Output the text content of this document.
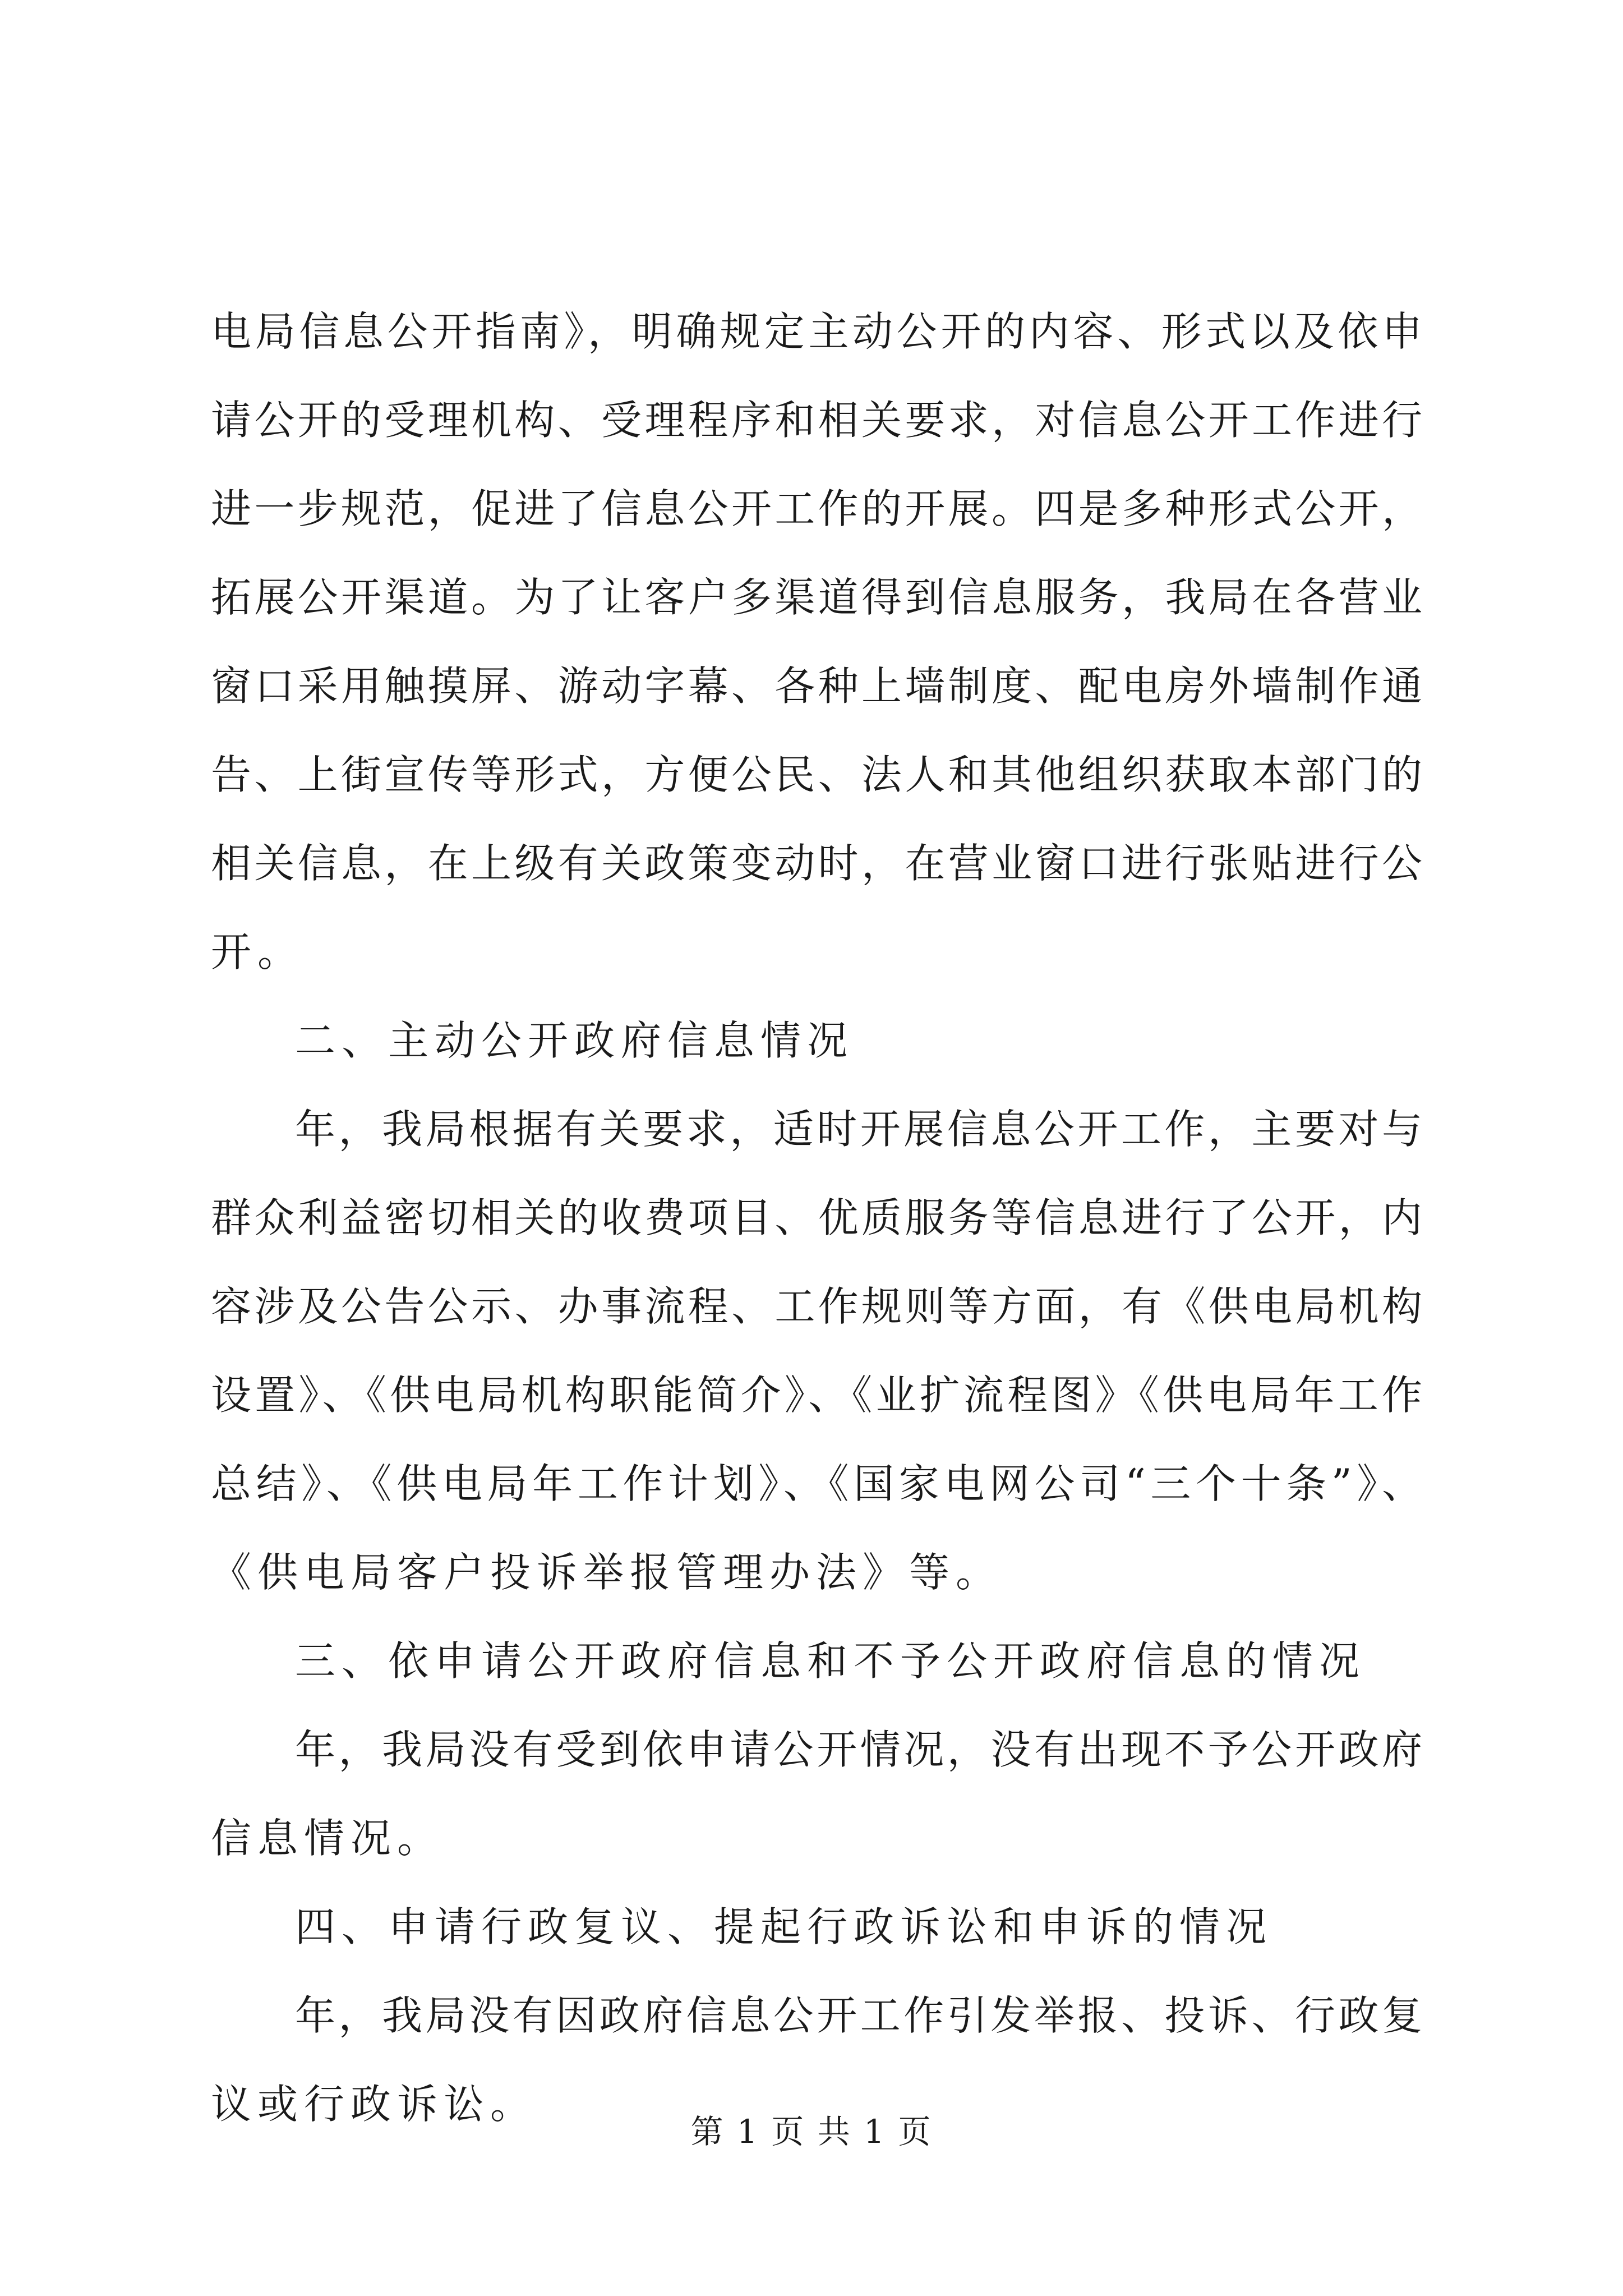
电局信息公开指南》，明确规定主动公开的内容、形式以及依申
请公开的受理机构、受理程序和相关要求，对信息公开工作进行
进一步规范，促进了信息公开工作的开展。四是多种形式公开，
拓展公开渠道。为了让客户多渠道得到信息服务，我局在各营业
窗口采用触摸屏、游动字幕、各种上墙制度、配电房外墙制作通
告、上街宣传等形式，方便公民、法人和其他组织获取本部门的
相关信息，在上级有关政策变动时，在营业窗口进行张贴进行公
开。
二、主动公开政府信息情况
年，我局根据有关要求，适时开展信息公开工作，主要对与
群众利益密切相关的收费项目、优质服务等信息进行了公开，内
容涉及公告公示、办事流程、工作规则等方面，有《供电局机构
设置》、《供电局机构职能简介》、《业扩流程图》《供电局年工作
总结》、《供电局年工作计划》、《国家电网公司“三个十条”》、
《供电局客户投诉举报管理办法》等。
三、依申请公开政府信息和不予公开政府信息的情况
年，我局没有受到依申请公开情况，没有出现不予公开政府
信息情况。
四、申请行政复议、提起行政诉讼和申诉的情况
年，我局没有因政府信息公开工作引发举报、投诉、行政复
议或行政诉讼。
第 1 页 共 1 页
